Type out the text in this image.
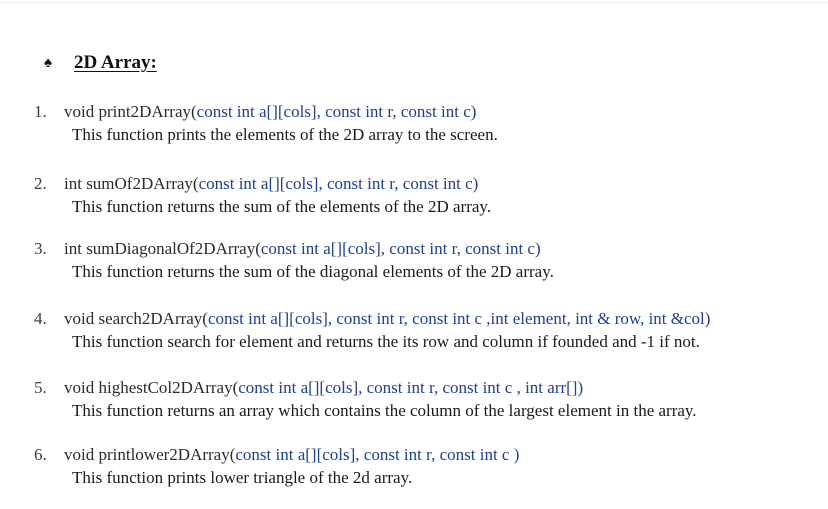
♠	2D Array:
1. void print2DArray(const int a[][cols], const int r, const int c)
This function prints the elements of the 2D array to the screen.
2. int sumOf2DArray(const int a[][cols], const int r, const int c)
This function returns the sum of the elements of the 2D array.
3. int sumDiagonalOf2DArray(const int a[][cols], const int r, const int c)
This function returns the sum of the diagonal elements of the 2D array.
4. void search2DArray(const int a[][cols], const int r, const int c ,int element, int & row, int &col)
This function search for element and returns the its row and column if founded and -1 if not.
5. void highestCol2DArray(const int a[][cols], const int r, const int c , int arr[])
This function returns an array which contains the column of the largest element in the array.
6. void printlower2DArray(const int a[][cols], const int r, const int c )
This function prints lower triangle of the 2d array.
